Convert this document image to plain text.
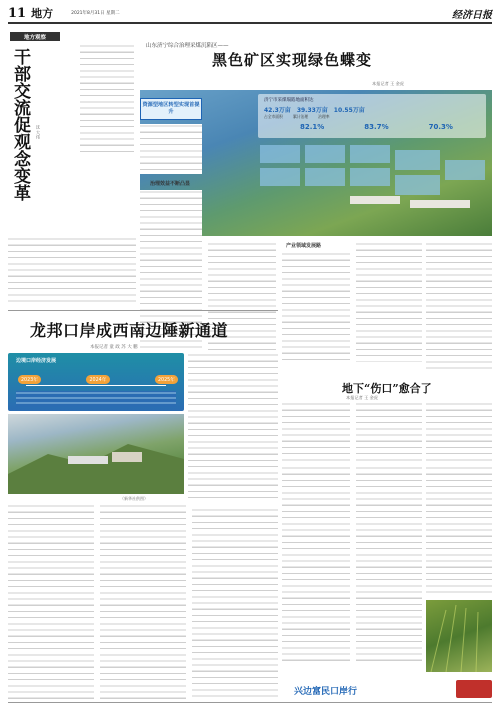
11 地方	2021年8月31日 星期二	经济日报
地方观察
干部交流促观念变革 沈 大伟
山东济宁综合治理采煤沉陷区——
黑色矿区实现绿色蝶变
本报记者 王 金虎
济宁市采煤塌陷地面积达
42.3万亩 39.33万亩 10.55万亩
占全市面积	累计治理	治理率
82.1%	83.7%	70.3%
资源型地区转型实现首提升
治理效益不断凸显
产业领域发展路
地下“伤口”愈合了
本报记者 王 金虎
龙邦口岸成西南边陲新通道
本报记者 童 政 苏 大 鹏
边境口岸经济发展
2023年	2024年	2025年
（新华社供图）
兴边富民口岸行
